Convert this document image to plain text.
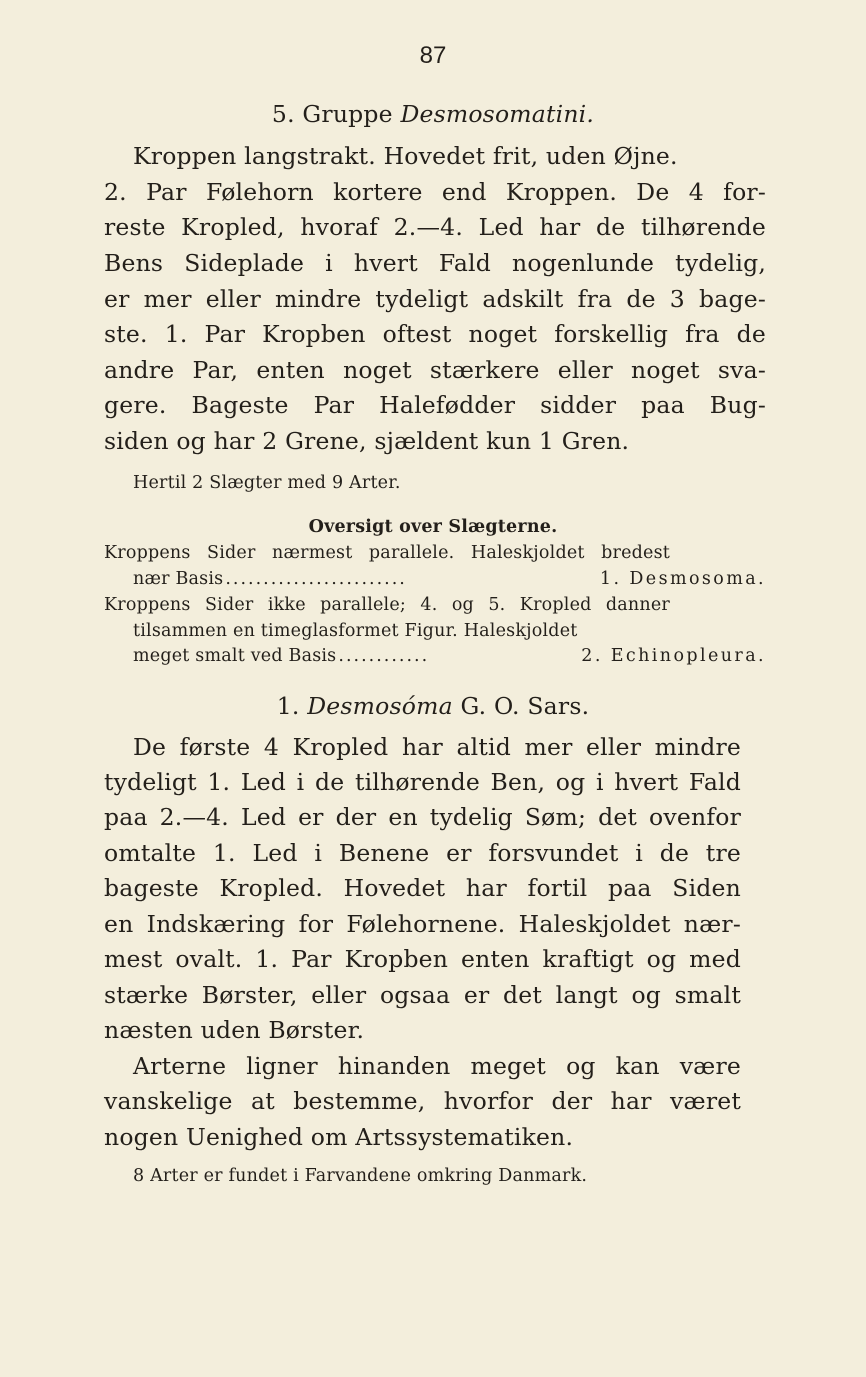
87
5. Gruppe Desmosomatini.
Kroppen langstrakt. Hovedet frit, uden Øjne.
2. Par Følehorn kortere end Kroppen. De 4 for-
reste Kropled, hvoraf 2.—4. Led har de tilhørende
Bens Sideplade i hvert Fald nogenlunde tydelig,
er mer eller mindre tydeligt adskilt fra de 3 bage-
ste. 1. Par Kropben oftest noget forskellig fra de
andre Par, enten noget stærkere eller noget sva-
gere. Bageste Par Halefødder sidder paa Bug-
siden og har 2 Grene, sjældent kun 1 Gren.
Hertil 2 Slægter med 9 Arter.
Oversigt over Slægterne.
Kroppens Sider nærmest parallele. Haleskjoldet bredest
nær Basis ........................	1. Desmosoma.
Kroppens Sider ikke parallele; 4. og 5. Kropled danner
tilsammen en timeglasformet Figur. Haleskjoldet
meget smalt ved Basis ............	2. Echinopleura.
1. Desmosóma G. O. Sars.
De første 4 Kropled har altid mer eller mindre
tydeligt 1. Led i de tilhørende Ben, og i hvert Fald
paa 2.—4. Led er der en tydelig Søm; det ovenfor
omtalte 1. Led i Benene er forsvundet i de tre
bageste Kropled. Hovedet har fortil paa Siden
en Indskæring for Følehornene. Haleskjoldet nær-
mest ovalt. 1. Par Kropben enten kraftigt og med
stærke Børster, eller ogsaa er det langt og smalt
næsten uden Børster.
Arterne ligner hinanden meget og kan være
vanskelige at bestemme, hvorfor der har været
nogen Uenighed om Artssystematiken.
8 Arter er fundet i Farvandene omkring Danmark.
